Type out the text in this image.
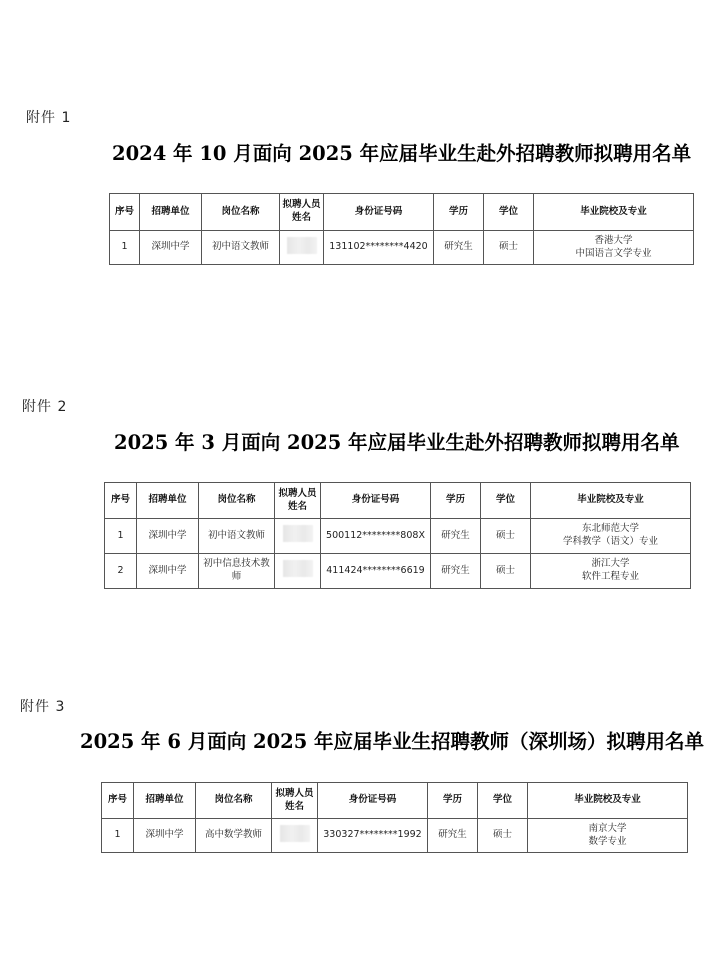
附件 1
2024 年 10 月面向 2025 年应届毕业生赴外招聘教师拟聘用名单
序号	招聘单位	岗位名称	拟聘人员姓名	身份证号码	学历	学位	毕业院校及专业
1	深圳中学	初中语文教师		131102********4420	研究生	硕士	香港大学
中国语言文学专业
附件 2
2025 年 3 月面向 2025 年应届毕业生赴外招聘教师拟聘用名单
序号	招聘单位	岗位名称	拟聘人员姓名	身份证号码	学历	学位	毕业院校及专业
1	深圳中学	初中语文教师		500112********808X	研究生	硕士	东北师范大学
学科教学（语文）专业

2	深圳中学	初中信息技术教师		411424********6619	研究生	硕士	浙江大学
软件工程专业
附件 3
2025 年 6 月面向 2025 年应届毕业生招聘教师（深圳场）拟聘用名单
序号	招聘单位	岗位名称	拟聘人员姓名	身份证号码	学历	学位	毕业院校及专业
1	深圳中学	高中数学教师		330327********1992	研究生	硕士	南京大学
数学专业
